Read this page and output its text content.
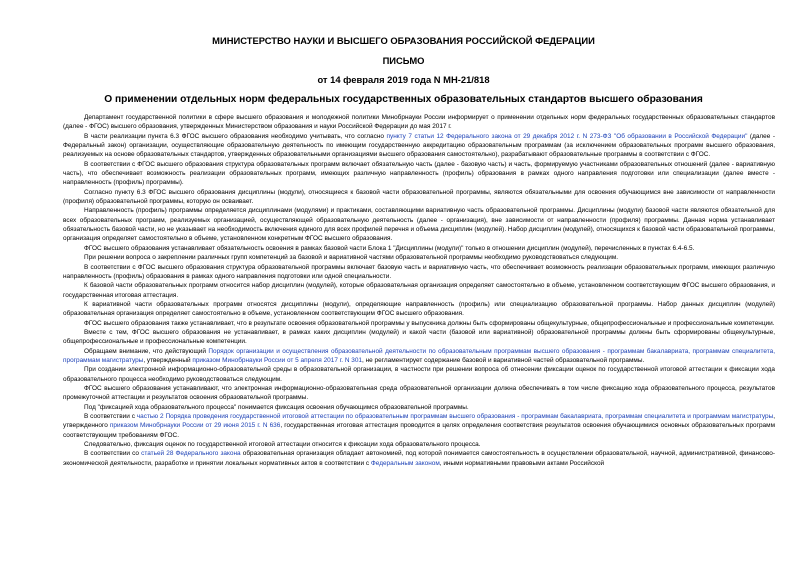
МИНИСТЕРСТВО НАУКИ И ВЫСШЕГО ОБРАЗОВАНИЯ РОССИЙСКОЙ ФЕДЕРАЦИИ
ПИСЬМО
от 14 февраля 2019 года N МН-21/818
О применении отдельных норм федеральных государственных образовательных стандартов высшего образования

Департамент государственной политики в сфере высшего образования и молодежной политики Минобрнауки России информирует о применении отдельных норм федеральных государственных образовательных стандартов (далее - ФГОС) высшего образования, утвержденных Министерством образования и науки Российской Федерации до мая 2017 г.

В части реализации пункта 6.3 ФГОС высшего образования необходимо учитывать, что согласно пункту 7 статьи 12 Федерального закона от 29 декабря 2012 г. N 273-ФЗ "Об образовании в Российской Федерации" (далее - Федеральный закон) организации, осуществляющие образовательную деятельность по имеющим государственную аккредитацию образовательным программам (за исключением образовательных программ высшего образования, реализуемых на основе образовательных стандартов, утвержденных образовательными организациями высшего образования самостоятельно), разрабатывают образовательные программы в соответствии с ФГОС.

В соответствии с ФГОС высшего образования структура образовательных программ включает обязательную часть (далее - базовую часть) и часть, формируемую участниками образовательных отношений (далее - вариативную часть), что обеспечивает возможность реализации образовательных программ, имеющих различную направленность (профиль) образования в рамках одного направления подготовки или специализации (далее вместе - направленность (профиль) программы).

Согласно пункту 6.3 ФГОС высшего образования дисциплины (модули), относящиеся к базовой части образовательной программы, являются обязательными для освоения обучающимся вне зависимости от направленности (профиля) образовательной программы, которую он осваивает.

Направленность (профиль) программы определяется дисциплинами (модулями) и практиками, составляющими вариативную часть образовательной программы. Дисциплины (модули) базовой части являются обязательной для всех образовательных программ, реализуемых организацией, осуществляющей образовательную деятельность (далее - организация), вне зависимости от направленности (профиля) программы. Данная норма устанавливает обязательность базовой части, но не указывает на необходимость включения единого для всех профилей перечня и объема дисциплин (модулей). Набор дисциплин (модулей), относящихся к базовой части образовательной программы, организация определяет самостоятельно в объеме, установленном конкретным ФГОС высшего образования.

ФГОС высшего образования устанавливает обязательность освоения в рамках базовой части Блока 1 "Дисциплины (модули)" только в отношении дисциплин (модулей), перечисленных в пунктах 6.4-6.5.

При решении вопроса о закреплении различных групп компетенций за базовой и вариативной частями образовательной программы необходимо руководствоваться следующим.

В соответствии с ФГОС высшего образования структура образовательной программы включает базовую часть и вариативную часть, что обеспечивает возможность реализации образовательных программ, имеющих различную направленность (профиль) образования в рамках одного направления подготовки или одной специальности.

К базовой части образовательных программ относится набор дисциплин (модулей), которые образовательная организация определяет самостоятельно в объеме, установленном соответствующим ФГОС высшего образования, и государственная итоговая аттестация.

К вариативной части образовательных программ относятся дисциплины (модули), определяющие направленность (профиль) или специализацию образовательной программы. Набор данных дисциплин (модулей) образовательная организация определяет самостоятельно в объеме, установленном соответствующим ФГОС высшего образования.

ФГОС высшего образования также устанавливает, что в результате освоения образовательной программы у выпускника должны быть сформированы общекультурные, общепрофессиональные и профессиональные компетенции.

Вместе с тем, ФГОС высшего образования не устанавливает, в рамках каких дисциплин (модулей) и какой части (базовой или вариативной) образовательной программы должны быть сформированы общекультурные, общепрофессиональные и профессиональные компетенции.

Обращаем внимание, что действующий Порядок организации и осуществления образовательной деятельности по образовательным программам высшего образования - программам бакалавриата, программам специалитета, программам магистратуры, утвержденный приказом Минобрнауки России от 5 апреля 2017 г. N 301, не регламентирует содержание базовой и вариативной частей образовательной программы.

При создании электронной информационно-образовательной среды в образовательной организации, в частности при решении вопроса об отнесении фиксации оценок по государственной итоговой аттестации к фиксации хода образовательного процесса необходимо руководствоваться следующим.

ФГОС высшего образования устанавливают, что электронная информационно-образовательная среда образовательной организации должна обеспечивать в том числе фиксацию хода образовательного процесса, результатов промежуточной аттестации и результатов освоения образовательной программы.

Под "фиксацией хода образовательного процесса" понимается фиксация освоения обучающимся образовательной программы.

В соответствии с частью 2 Порядка проведения государственной итоговой аттестации по образовательным программам высшего образования - программам бакалавриата, программам специалитета и программам магистратуры, утвержденного приказом Минобрнауки России от 29 июня 2015 г. N 636, государственная итоговая аттестация проводится в целях определения соответствия результатов освоения обучающимися основных образовательных программ соответствующим требованиям ФГОС.

Следовательно, фиксация оценок по государственной итоговой аттестации относится к фиксации хода образовательного процесса.

В соответствии со статьей 28 Федерального закона образовательная организация обладает автономией, под которой понимается самостоятельность в осуществлении образовательной, научной, административной, финансово-экономической деятельности, разработке и принятии локальных нормативных актов в соответствии с Федеральным законом, иными нормативными правовыми актами Российской
